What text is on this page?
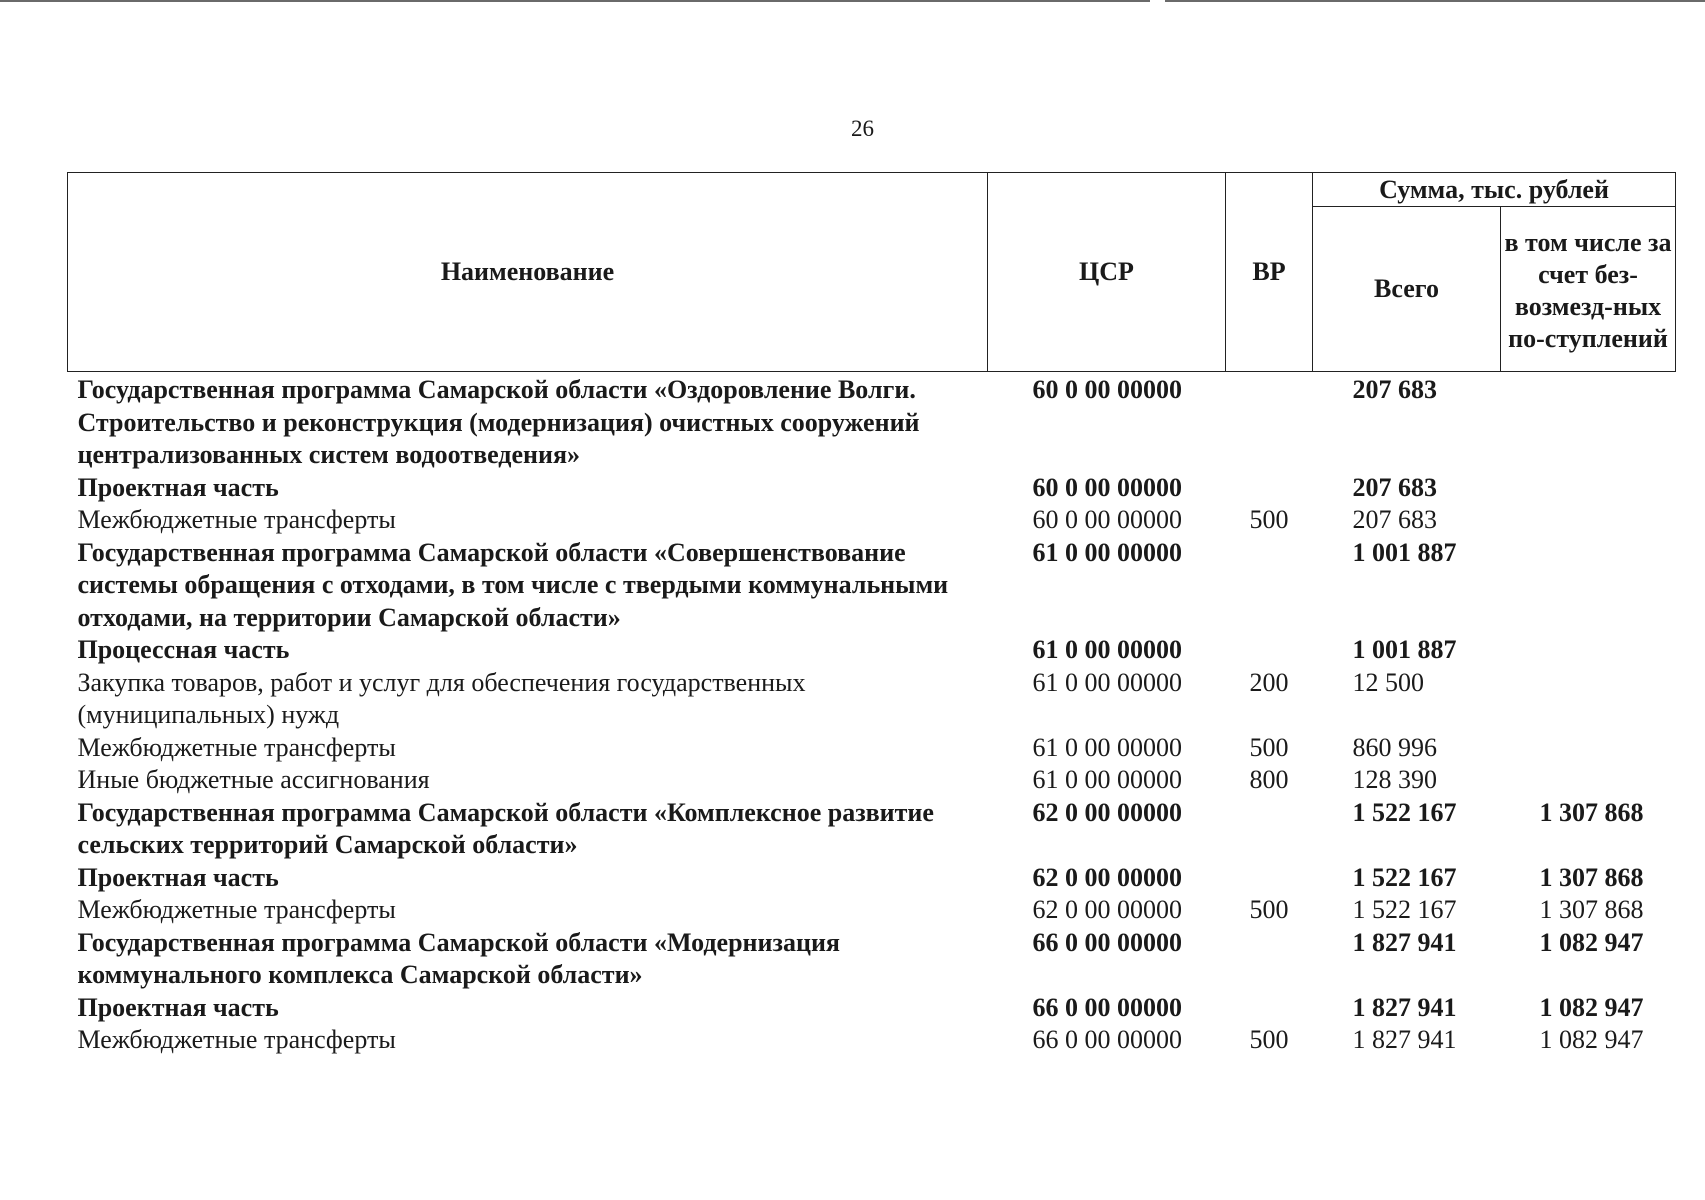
26
Наименование	ЦСР	ВР	Сумма, тыс. рублей	
			Всего	в том числе за счет без-возмезд-ных по-ступлений
Государственная программа Самарской области «Оздоровление Волги. Строительство и реконструкция (модернизация) очистных сооружений централизованных систем водоотведения»	60 0 00 00000		207 683	
Проектная часть	60 0 00 00000		207 683	
Межбюджетные трансферты	60 0 00 00000	500	207 683	
Государственная программа Самарской области «Совершенствование системы обращения с отходами, в том числе с твердыми коммунальными отходами, на территории Самарской области»	61 0 00 00000		1 001 887	
Процессная часть	61 0 00 00000		1 001 887	
Закупка товаров, работ и услуг для обеспечения государственных (муниципальных) нужд	61 0 00 00000	200	12 500	
Межбюджетные трансферты	61 0 00 00000	500	860 996	
Иные бюджетные ассигнования	61 0 00 00000	800	128 390	
Государственная программа Самарской области «Комплексное развитие сельских территорий Самарской области»	62 0 00 00000		1 522 167	1 307 868
Проектная часть	62 0 00 00000		1 522 167	1 307 868
Межбюджетные трансферты	62 0 00 00000	500	1 522 167	1 307 868
Государственная программа Самарской области «Модернизация коммунального комплекса Самарской области»	66 0 00 00000		1 827 941	1 082 947
Проектная часть	66 0 00 00000		1 827 941	1 082 947
Межбюджетные трансферты	66 0 00 00000	500	1 827 941	1 082 947
